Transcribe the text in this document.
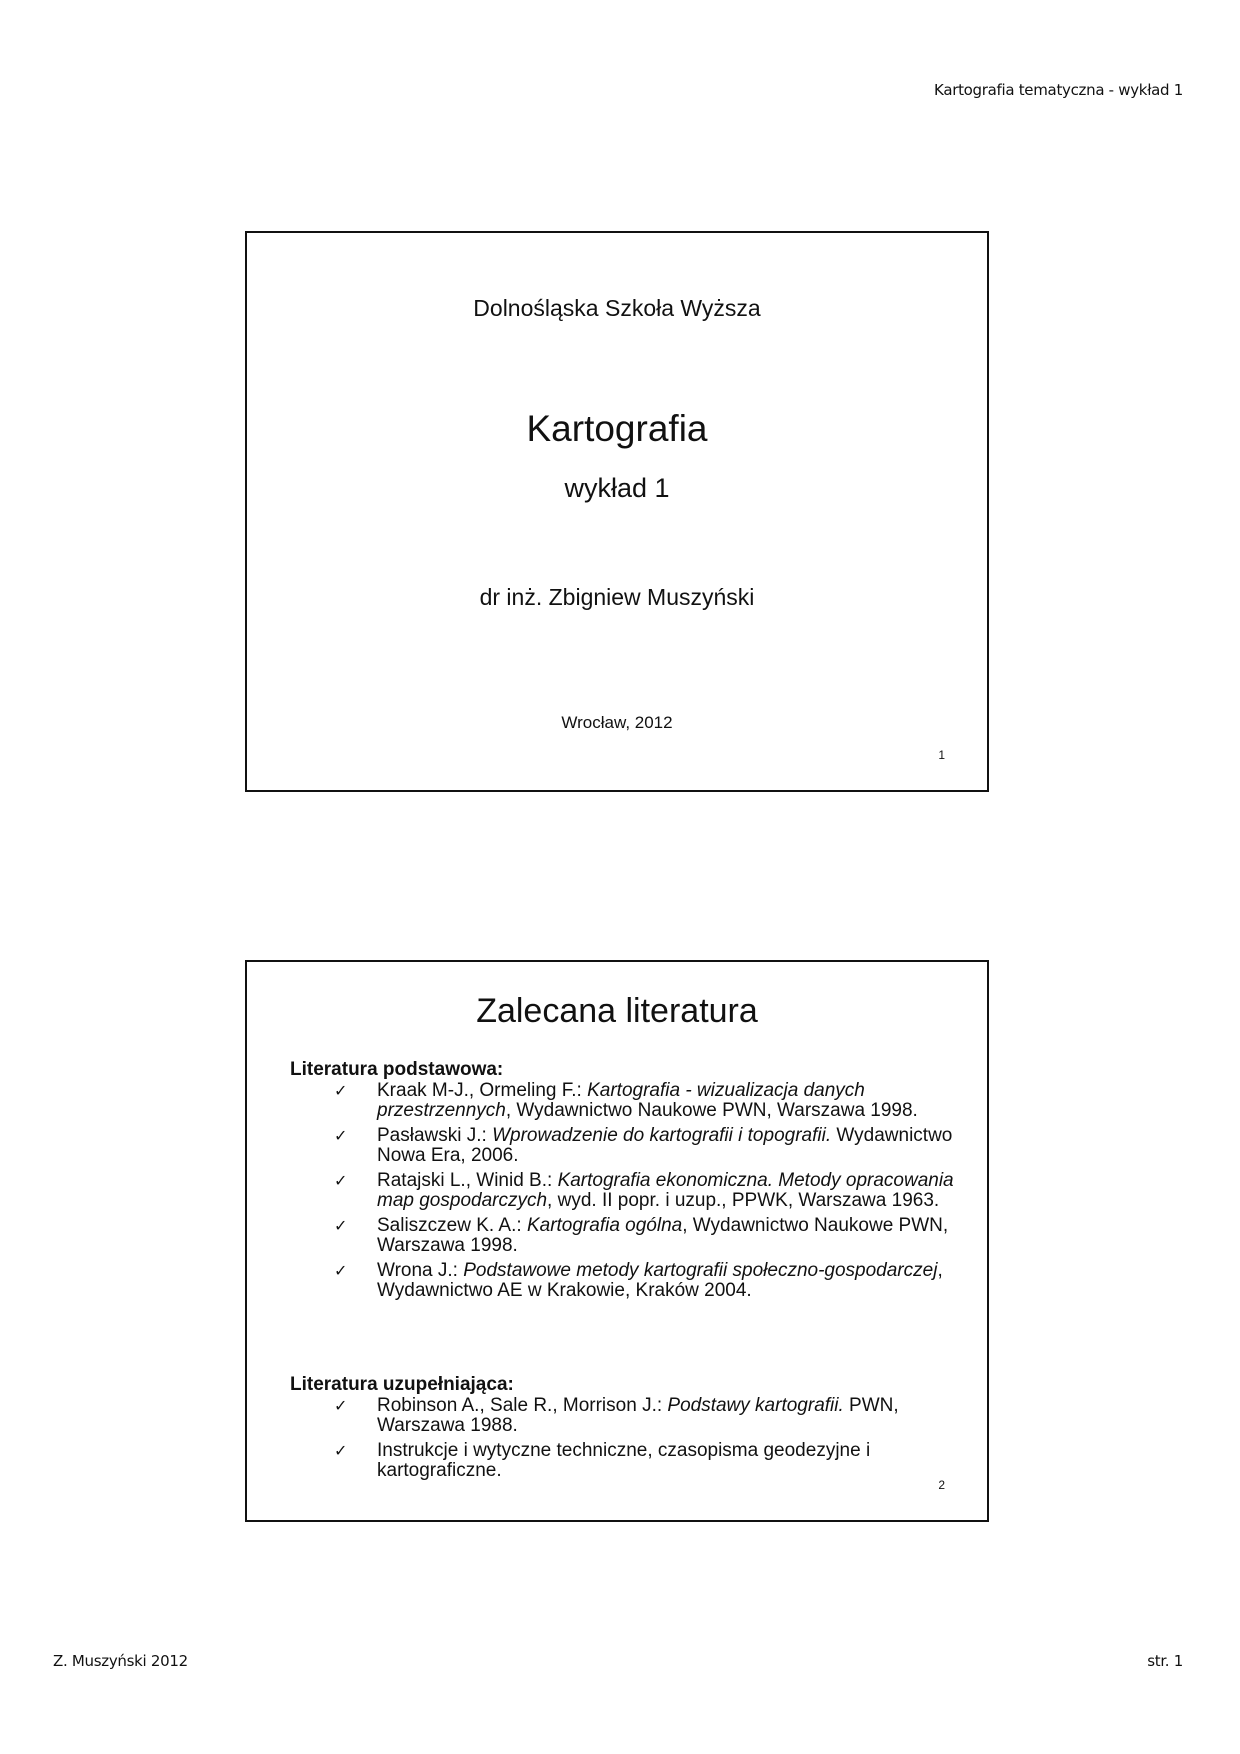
Kartografia tematyczna - wykład 1
Dolnośląska Szkoła Wyższa
Kartografia
wykład 1
dr inż. Zbigniew Muszyński
Wrocław, 2012
1
Zalecana literatura

Literatura podstawowa:

✓ Kraak M-J., Ormeling F.: Kartografia - wizualizacja danych przestrzennych, Wydawnictwo Naukowe PWN, Warszawa 1998.
✓ Pasławski J.: Wprowadzenie do kartografii i topografii. Wydawnictwo Nowa Era, 2006.
✓ Ratajski L., Winid B.: Kartografia ekonomiczna. Metody opracowania map gospodarczych, wyd. II popr. i uzup., PPWK, Warszawa 1963.
✓ Saliszczew K. A.: Kartografia ogólna, Wydawnictwo Naukowe PWN, Warszawa 1998.
✓ Wrona J.: Podstawowe metody kartografii społeczno-gospodarczej, Wydawnictwo AE w Krakowie, Kraków 2004.

Literatura uzupełniająca:

✓ Robinson A., Sale R., Morrison J.: Podstawy kartografii. PWN, Warszawa 1988.
✓ Instrukcje i wytyczne techniczne, czasopisma geodezyjne i kartograficzne.
2
Z. Muszyński 2012	str. 1
